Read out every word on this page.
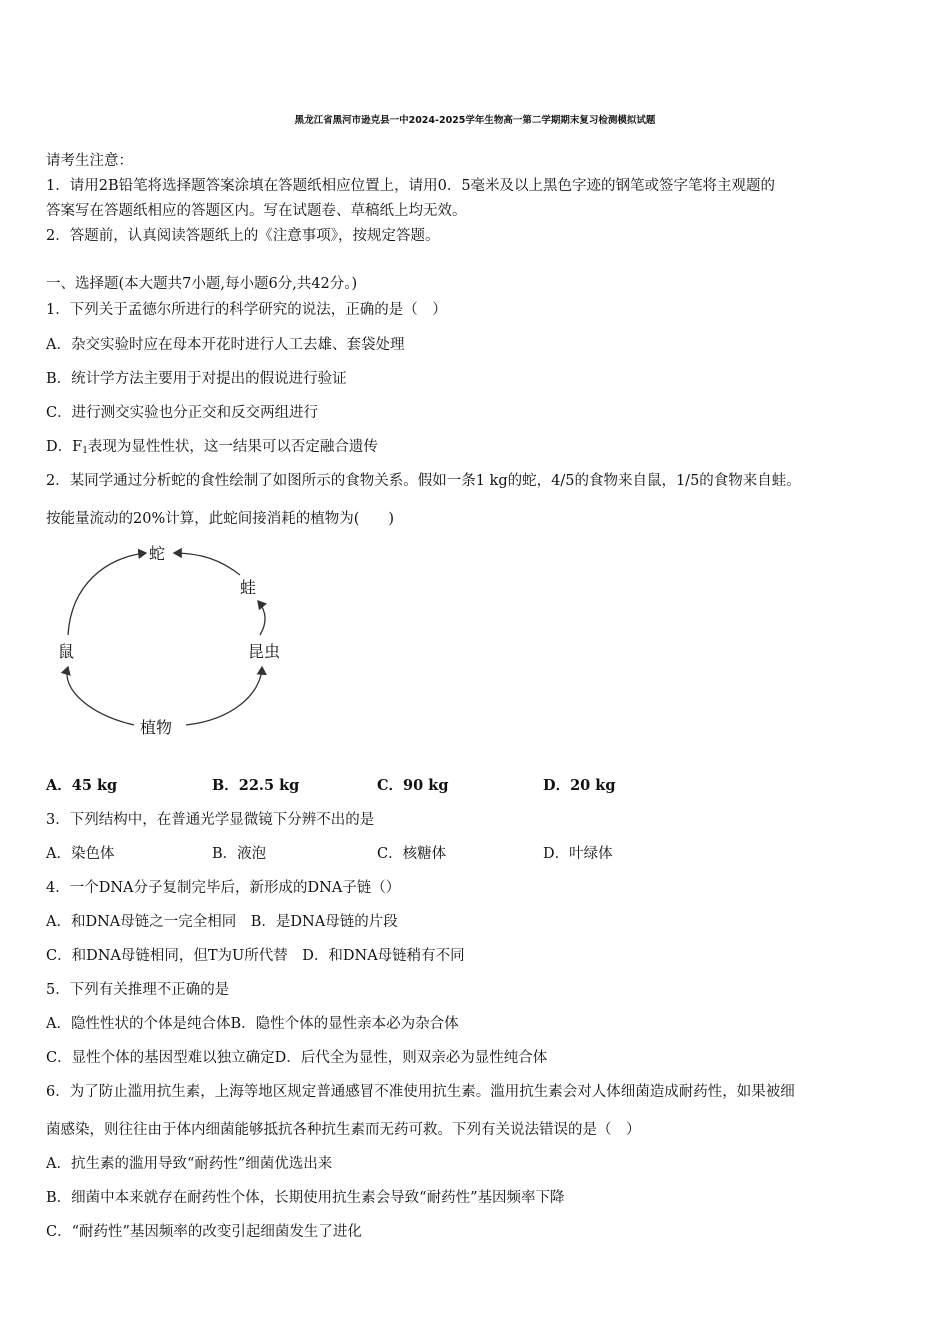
黑龙江省黑河市逊克县一中2024-2025学年生物高一第二学期期末复习检测模拟试题
请考生注意：
1．请用2B铅笔将选择题答案涂填在答题纸相应位置上，请用0．5毫米及以上黑色字迹的钢笔或签字笔将主观题的
答案写在答题纸相应的答题区内。写在试题卷、草稿纸上均无效。
2．答题前，认真阅读答题纸上的《注意事项》，按规定答题。
一、选择题(本大题共7小题,每小题6分,共42分。)
1．下列关于孟德尔所进行的科学研究的说法，正确的是（　）
A．杂交实验时应在母本开花时进行人工去雄、套袋处理
B．统计学方法主要用于对提出的假说进行验证
C．进行测交实验也分正交和反交两组进行
D．$F_1$表现为显性性状，这一结果可以否定融合遗传
2．某同学通过分析蛇的食性绘制了如图所示的食物关系。假如一条1 kg的蛇，4/5的食物来自鼠，1/5的食物来自蛙。
按能量流动的20%计算，此蛇间接消耗的植物为(　　)
蛇
蛙
鼠	昆虫
植物
A．45 kg	B．22.5 kg	C．90 kg	D．20 kg
3．下列结构中，在普通光学显微镜下分辨不出的是
A．染色体	B．液泡	C．核糖体	D．叶绿体
4．一个DNA分子复制完毕后，新形成的DNA子链（）
A．和DNA母链之一完全相同　B．是DNA母链的片段
C．和DNA母链相同，但T为U所代替　D．和DNA母链稍有不同
5．下列有关推理不正确的是
A．隐性性状的个体是纯合体B．隐性个体的显性亲本必为杂合体
C．显性个体的基因型难以独立确定D．后代全为显性，则双亲必为显性纯合体
6．为了防止滥用抗生素，上海等地区规定普通感冒不准使用抗生素。滥用抗生素会对人体细菌造成耐药性，如果被细
菌感染，则往往由于体内细菌能够抵抗各种抗生素而无药可救。下列有关说法错误的是（　）
A．抗生素的滥用导致“耐药性”细菌优选出来
B．细菌中本来就存在耐药性个体，长期使用抗生素会导致“耐药性”基因频率下降
C．“耐药性”基因频率的改变引起细菌发生了进化
